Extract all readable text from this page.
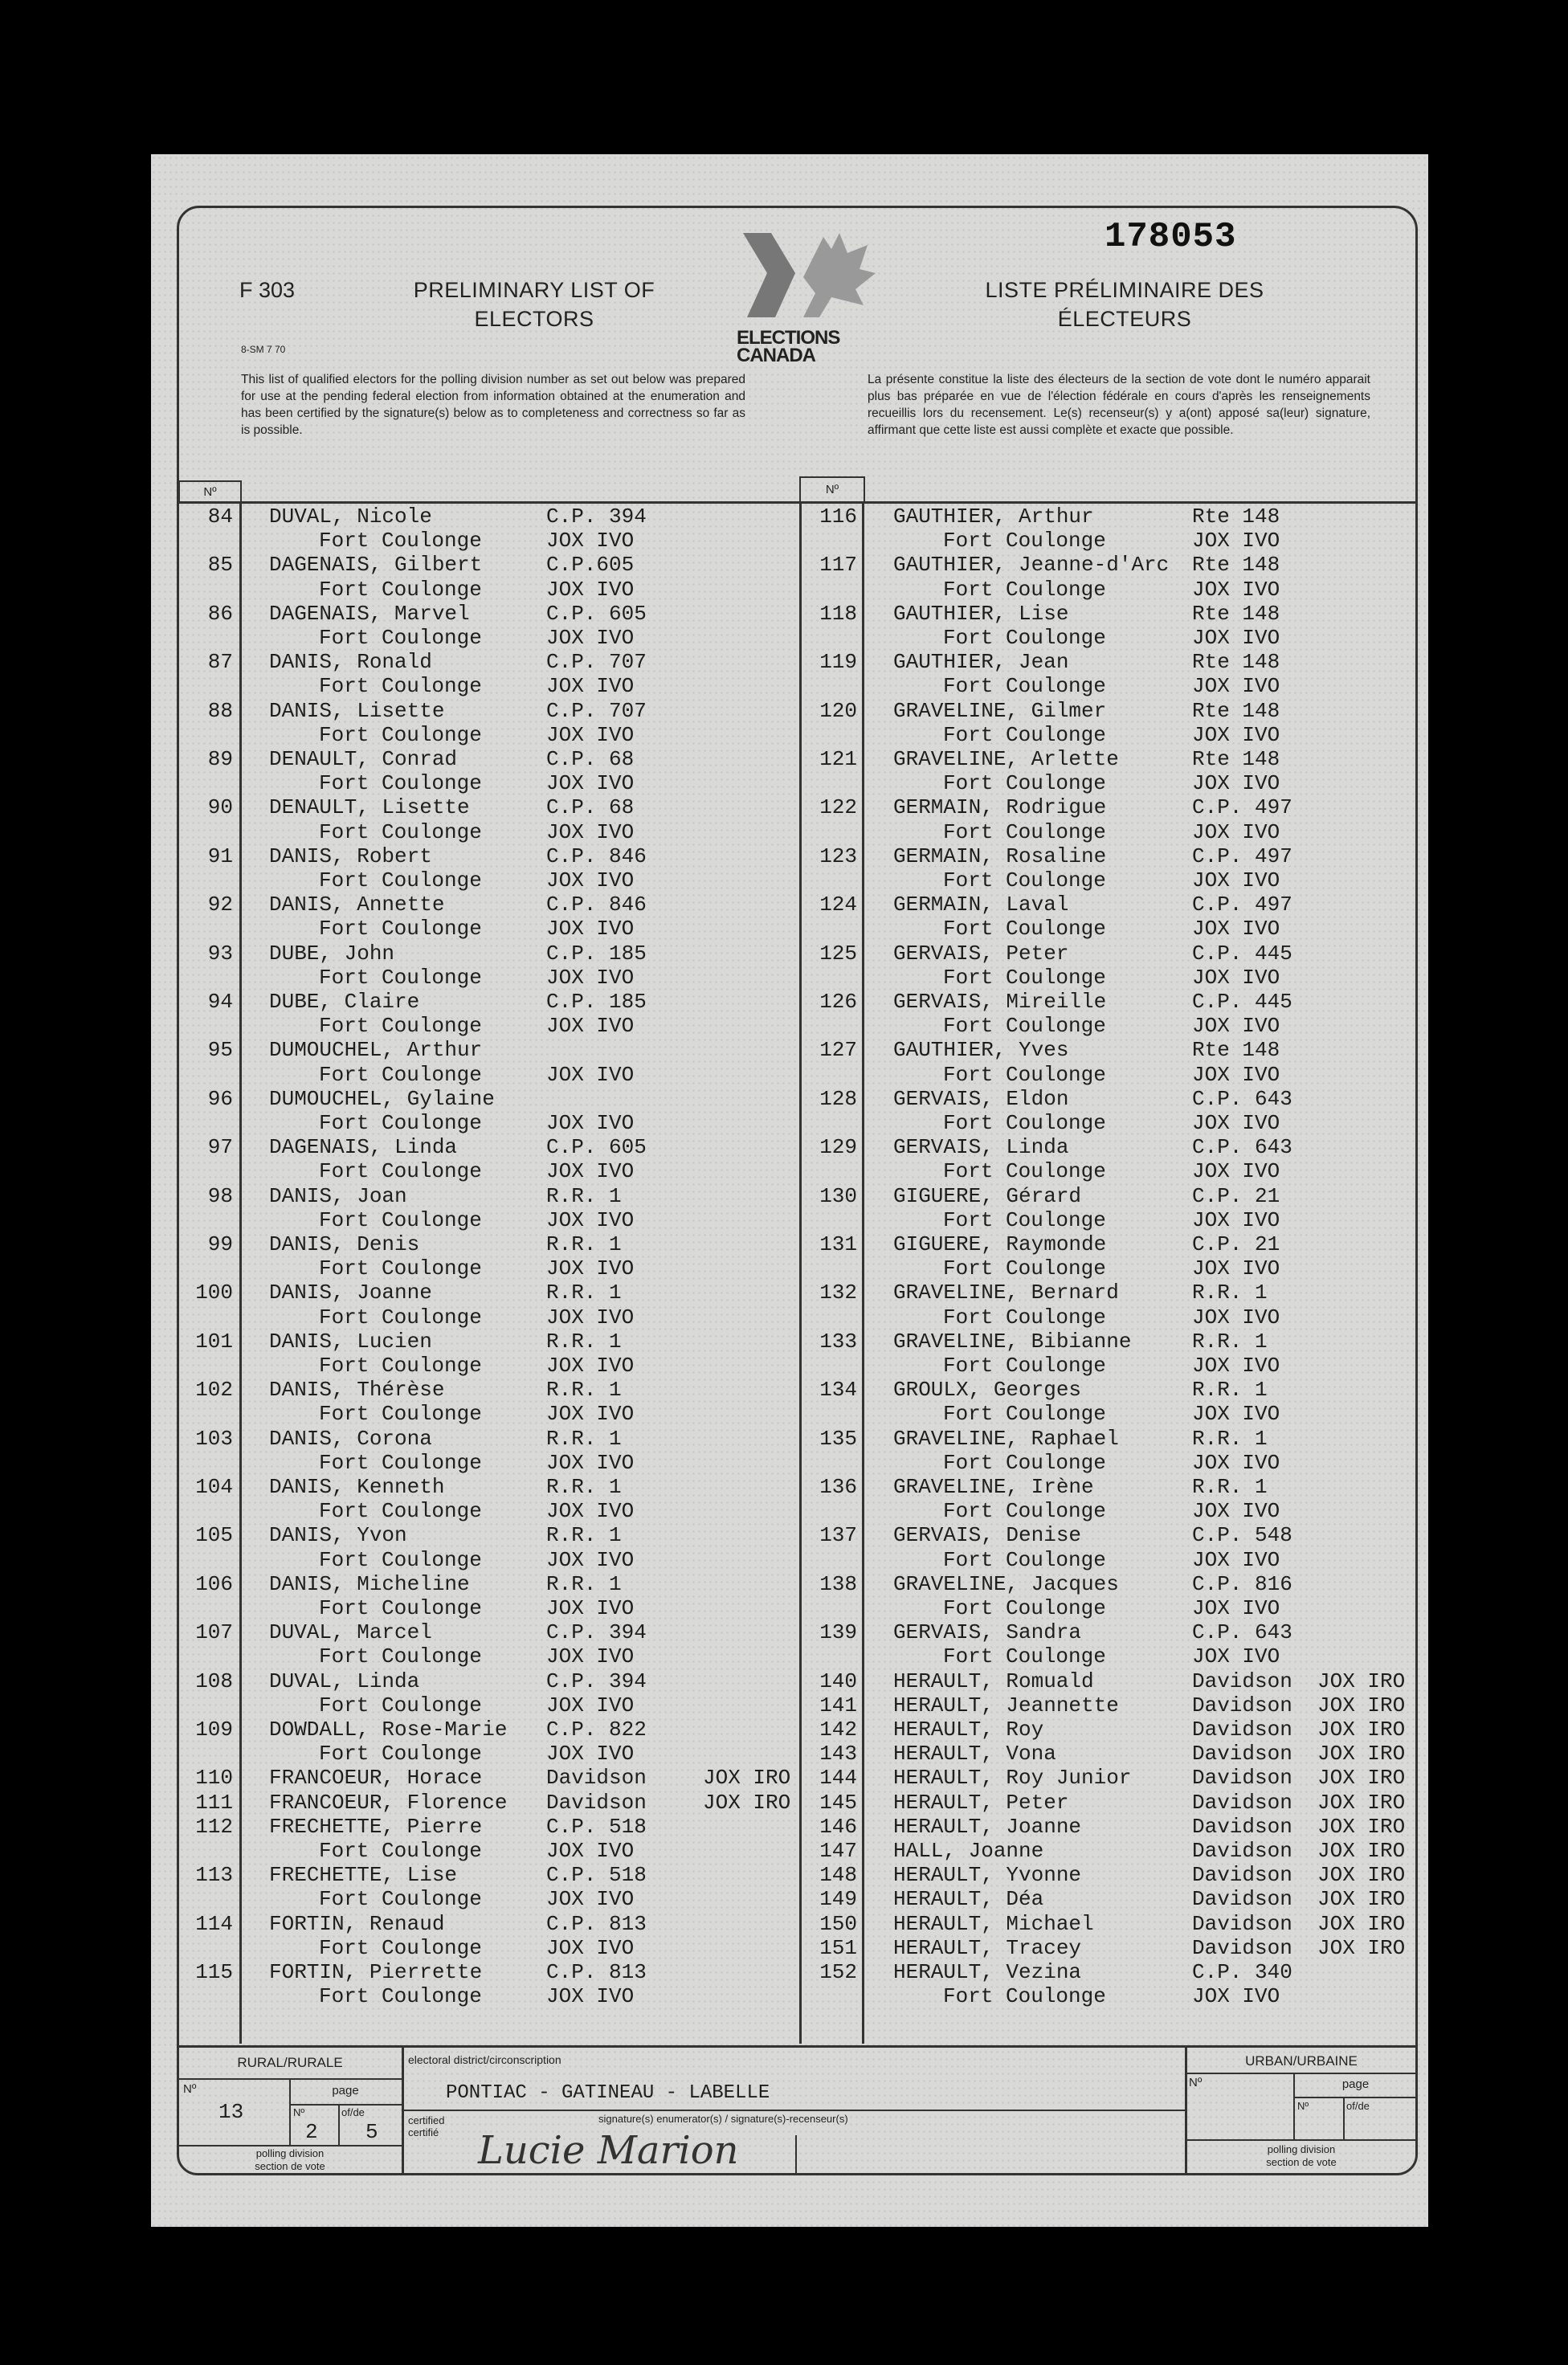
F 303
8-SM 7 70
PRELIMINARY LIST OF
ELECTORS
LISTE PRÉLIMINAIRE DES
ÉLECTEURS
ELECTIONS
CANADA
178053
This list of qualified electors for the polling division number as set out below was prepared for use at the pending federal election from information obtained at the enumeration and has been certified by the signature(s) below as to completeness and correctness so far as is possible.
La présente constitue la liste des électeurs de la section de vote dont le numéro apparait plus bas préparée en vue de l'élection fédérale en cours d'après les renseignements recueillis lors du recensement. Le(s) recenseur(s) y a(ont) apposé sa(leur) signature, affirmant que cette liste est aussi complète et exacte que possible.
Nº	Nº
84 DUVAL, Nicole	C.P. 394
Fort Coulonge	JOX IVO
85 DAGENAIS, Gilbert	C.P.605
Fort Coulonge	JOX IVO
86 DAGENAIS, Marvel	C.P. 605
Fort Coulonge	JOX IVO
87 DANIS, Ronald	C.P. 707
Fort Coulonge	JOX IVO
88 DANIS, Lisette	C.P. 707
Fort Coulonge	JOX IVO
89 DENAULT, Conrad	C.P. 68
Fort Coulonge	JOX IVO
90 DENAULT, Lisette	C.P. 68
Fort Coulonge	JOX IVO
91 DANIS, Robert	C.P. 846
Fort Coulonge	JOX IVO
92 DANIS, Annette	C.P. 846
Fort Coulonge	JOX IVO
93 DUBE, John	C.P. 185
Fort Coulonge	JOX IVO
94 DUBE, Claire	C.P. 185
Fort Coulonge	JOX IVO
95 DUMOUCHEL, Arthur
Fort Coulonge	JOX IVO
96 DUMOUCHEL, Gylaine
Fort Coulonge	JOX IVO
97 DAGENAIS, Linda	C.P. 605
Fort Coulonge	JOX IVO
98 DANIS, Joan	R.R. 1
Fort Coulonge	JOX IVO
99 DANIS, Denis	R.R. 1
Fort Coulonge	JOX IVO
100 DANIS, Joanne	R.R. 1
Fort Coulonge	JOX IVO
101 DANIS, Lucien	R.R. 1
Fort Coulonge	JOX IVO
102 DANIS, Thérèse	R.R. 1
Fort Coulonge	JOX IVO
103 DANIS, Corona	R.R. 1
Fort Coulonge	JOX IVO
104 DANIS, Kenneth	R.R. 1
Fort Coulonge	JOX IVO
105 DANIS, Yvon	R.R. 1
Fort Coulonge	JOX IVO
106 DANIS, Micheline	R.R. 1
Fort Coulonge	JOX IVO
107 DUVAL, Marcel	C.P. 394
Fort Coulonge	JOX IVO
108 DUVAL, Linda	C.P. 394
Fort Coulonge	JOX IVO
109 DOWDALL, Rose-Marie C.P. 822
Fort Coulonge	JOX IVO
110 FRANCOEUR, Horace	Davidson	JOX IRO
111 FRANCOEUR, Florence Davidson	JOX IRO
112 FRECHETTE, Pierre	C.P. 518
Fort Coulonge	JOX IVO
113 FRECHETTE, Lise	C.P. 518
Fort Coulonge	JOX IVO
114 FORTIN, Renaud	C.P. 813
Fort Coulonge	JOX IVO
115 FORTIN, Pierrette	C.P. 813
Fort Coulonge	JOX IVO
116 GAUTHIER, Arthur	Rte 148
Fort Coulonge	JOX IVO
117 GAUTHIER, Jeanne-d'Arc Rte 148
Fort Coulonge	JOX IVO
118 GAUTHIER, Lise	Rte 148
Fort Coulonge	JOX IVO
119 GAUTHIER, Jean	Rte 148
Fort Coulonge	JOX IVO
120 GRAVELINE, Gilmer	Rte 148
Fort Coulonge	JOX IVO
121 GRAVELINE, Arlette	Rte 148
Fort Coulonge	JOX IVO
122 GERMAIN, Rodrigue	C.P. 497
Fort Coulonge	JOX IVO
123 GERMAIN, Rosaline	C.P. 497
Fort Coulonge	JOX IVO
124 GERMAIN, Laval	C.P. 497
Fort Coulonge	JOX IVO
125 GERVAIS, Peter	C.P. 445
Fort Coulonge	JOX IVO
126 GERVAIS, Mireille	C.P. 445
Fort Coulonge	JOX IVO
127 GAUTHIER, Yves	Rte 148
Fort Coulonge	JOX IVO
128 GERVAIS, Eldon	C.P. 643
Fort Coulonge	JOX IVO
129 GERVAIS, Linda	C.P. 643
Fort Coulonge	JOX IVO
130 GIGUERE, Gérard	C.P. 21
Fort Coulonge	JOX IVO
131 GIGUERE, Raymonde	C.P. 21
Fort Coulonge	JOX IVO
132 GRAVELINE, Bernard	R.R. 1
Fort Coulonge	JOX IVO
133 GRAVELINE, Bibianne	R.R. 1
Fort Coulonge	JOX IVO
134 GROULX, Georges	R.R. 1
Fort Coulonge	JOX IVO
135 GRAVELINE, Raphael	R.R. 1
Fort Coulonge	JOX IVO
136 GRAVELINE, Irène	R.R. 1
Fort Coulonge	JOX IVO
137 GERVAIS, Denise	C.P. 548
Fort Coulonge	JOX IVO
138 GRAVELINE, Jacques	C.P. 816
Fort Coulonge	JOX IVO
139 GERVAIS, Sandra	C.P. 643
Fort Coulonge	JOX IVO
140 HERAULT, Romuald	Davidson JOX IRO
141 HERAULT, Jeannette	Davidson JOX IRO
142 HERAULT, Roy	Davidson JOX IRO
143 HERAULT, Vona	Davidson JOX IRO
144 HERAULT, Roy Junior	Davidson JOX IRO
145 HERAULT, Peter	Davidson JOX IRO
146 HERAULT, Joanne	Davidson JOX IRO
147 HALL, Joanne	Davidson JOX IRO
148 HERAULT, Yvonne	Davidson JOX IRO
149 HERAULT, Déa	Davidson JOX IRO
150 HERAULT, Michael	Davidson JOX IRO
151 HERAULT, Tracey	Davidson JOX IRO
152 HERAULT, Vezina	C.P. 340
Fort Coulonge	JOX IVO
RURAL/RURALE
Nº	page
Nº	of/de
13
2 5
polling division
section de vote
electoral district/circonscription
PONTIAC - GATINEAU - LABELLE
certified
certifié
signature(s) enumerator(s) / signature(s)-recenseur(s)
Lucie Marion
URBAN/URBAINE
Nº	page
Nº	of/de
polling division
section de vote
